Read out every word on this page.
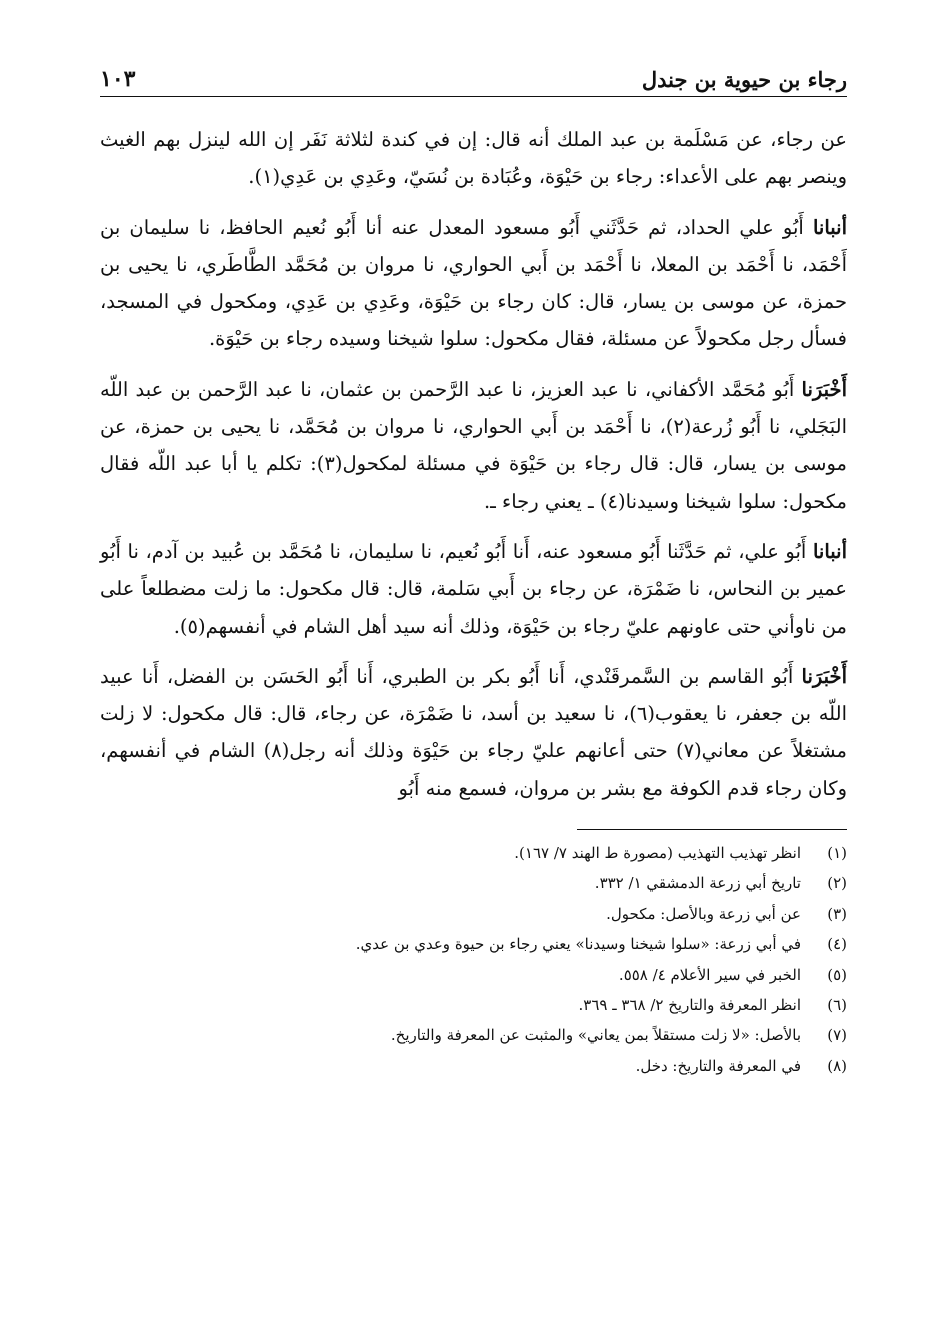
رجاء بن حيوية بن جندل
١٠٣

عن رجاء، عن مَسْلَمة بن عبد الملك أنه قال: إن في كندة لثلاثة نَفَر إن الله لينزل بهم الغيث وينصر بهم على الأعداء: رجاء بن حَيْوَة، وعُبَادة بن نُسَيّ، وعَدِي بن عَدِي(١).

أنبانا أَبُو علي الحداد، ثم حَدَّثَني أَبُو مسعود المعدل عنه أنا أَبُو نُعيم الحافظ، نا سليمان بن أَحْمَد، نا أَحْمَد بن المعلا، نا أَحْمَد بن أَبي الحواري، نا مروان بن مُحَمَّد الطَّاطَري، نا يحيى بن حمزة، عن موسى بن يسار، قال: كان رجاء بن حَيْوَة، وعَدِي بن عَدِي، ومكحول في المسجد، فسأل رجل مكحولاً عن مسئلة، فقال مكحول: سلوا شيخنا وسيده رجاء بن حَيْوَة.

أَخْبَرَنا أَبُو مُحَمَّد الأكفاني، نا عبد العزيز، نا عبد الرَّحمن بن عثمان، نا عبد الرَّحمن بن عبد اللّه البَجَلي، نا أَبُو زُرعة(٢)، نا أَحْمَد بن أَبي الحواري، نا مروان بن مُحَمَّد، نا يحيى بن حمزة، عن موسى بن يسار، قال: قال رجاء بن حَيْوَة في مسئلة لمكحول(٣): تكلم يا أبا عبد اللّه فقال مكحول: سلوا شيخنا وسيدنا(٤) ـ يعني رجاء ـ.

أنبانا أَبُو علي، ثم حَدَّثَنا أَبُو مسعود عنه، أَنا أَبُو نُعيم، نا سليمان، نا مُحَمَّد بن عُبيد بن آدم، نا أَبُو عمير بن النحاس، نا ضَمْرَة، عن رجاء بن أَبي سَلمة، قال: قال مكحول: ما زلت مضطلعاً على من ناوأني حتى عاونهم عليّ رجاء بن حَيْوَة، وذلك أنه سيد أهل الشام في أنفسهم(٥).

أَخْبَرَنا أَبُو القاسم بن السَّمرقَنْدي، أَنا أَبُو بكر بن الطبري، أَنا أَبُو الحَسَن بن الفضل، أَنا عبيد اللّه بن جعفر، نا يعقوب(٦)، نا سعيد بن أسد، نا ضَمْرَة، عن رجاء، قال: قال مكحول: لا زلت مشتغلاً عن معاني(٧) حتى أعانهم عليّ رجاء بن حَيْوَة وذلك أنه رجل(٨) الشام في أنفسهم، وكان رجاء قدم الكوفة مع بشر بن مروان، فسمع منه أَبُو

(١)
انظر تهذيب التهذيب (مصورة ط الهند ٧/ ١٦٧).
(٢)
تاريخ أبي زرعة الدمشقي ١/ ٣٣٢.
(٣)
عن أبي زرعة وبالأصل: مكحول.
(٤)
في أبي زرعة: «سلوا شيخنا وسيدنا» يعني رجاء بن حيوة وعدي بن عدي.
(٥)
الخبر في سير الأعلام ٤/ ٥٥٨.
(٦)
انظر المعرفة والتاريخ ٢/ ٣٦٨ ـ ٣٦٩.
(٧)
بالأصل: «لا زلت مستقلاً بمن يعاني» والمثبت عن المعرفة والتاريخ.
(٨)
في المعرفة والتاريخ: دخل.
